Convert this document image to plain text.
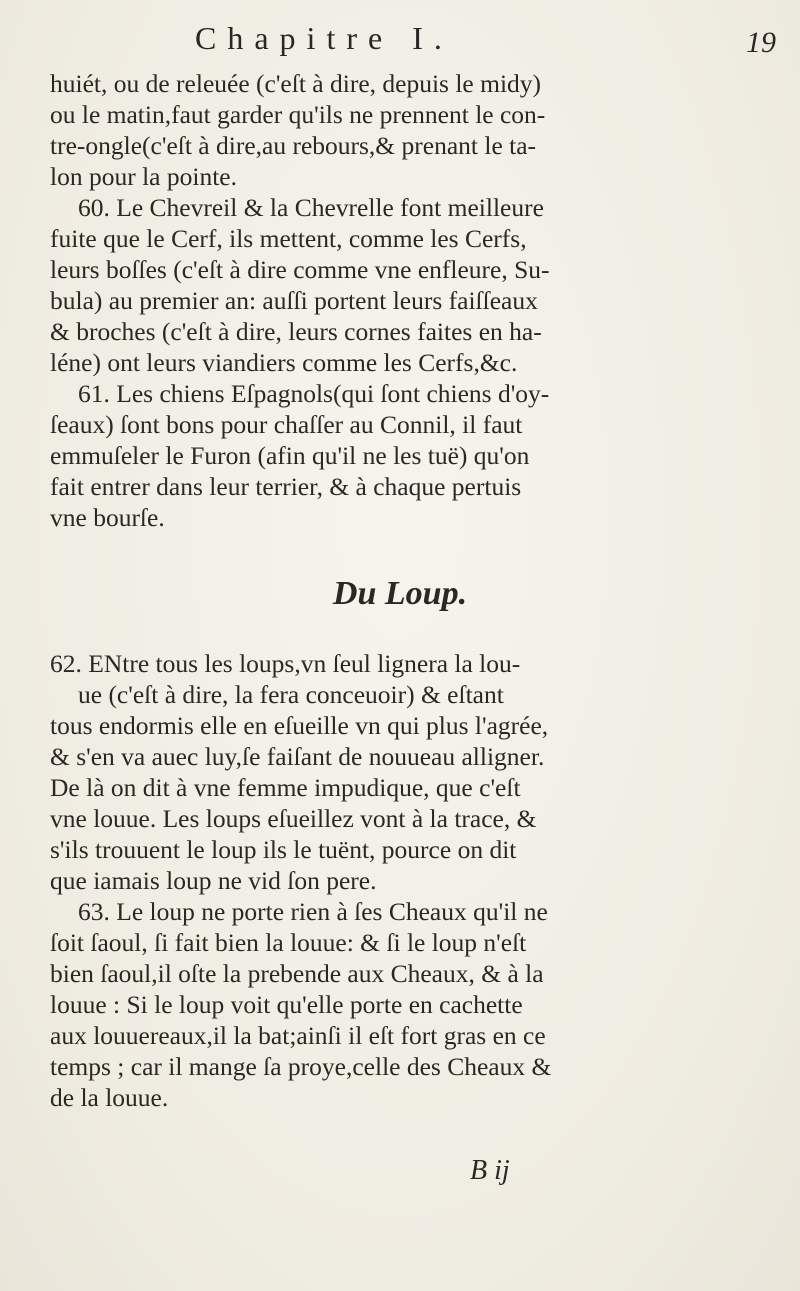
Chapitre I.	19
huiét, ou de releuée (c'eſt à dire, depuis le midy)
ou le matin,faut garder qu'ils ne prennent le con-
tre-ongle(c'eſt à dire,au rebours,& prenant le ta-
lon pour la pointe.
60. Le Chevreil & la Chevrelle font meilleure
fuite que le Cerf, ils mettent, comme les Cerfs,
leurs boſſes (c'eſt à dire comme vne enfleure, Su-
bula) au premier an: auſſi portent leurs faiſſeaux
& broches (c'eſt à dire, leurs cornes faites en ha-
léne) ont leurs viandiers comme les Cerfs,&c.
61. Les chiens Eſpagnols(qui ſont chiens d'oy-
ſeaux) ſont bons pour chaſſer au Connil, il faut
emmuſeler le Furon (afin qu'il ne les tuë) qu'on
fait entrer dans leur terrier, & à chaque pertuis
vne bourſe.
Du Loup.
62. ENtre tous les loups,vn ſeul lignera la lou-
ue (c'eſt à dire, la fera conceuoir) & eſtant
tous endormis elle en eſueille vn qui plus l'agrée,
& s'en va auec luy,ſe faiſant de nouueau alligner.
De là on dit à vne femme impudique, que c'eſt
vne louue. Les loups eſueillez vont à la trace, &
s'ils trouuent le loup ils le tuënt, pource on dit
que iamais loup ne vid ſon pere.
63. Le loup ne porte rien à ſes Cheaux qu'il ne
ſoit ſaoul, ſi fait bien la louue: & ſi le loup n'eſt
bien ſaoul,il oſte la prebende aux Cheaux, & à la
louue : Si le loup voit qu'elle porte en cachette
aux louuereaux,il la bat;ainſi il eſt fort gras en ce
temps ; car il mange ſa proye,celle des Cheaux &
de la louue.
B ij
